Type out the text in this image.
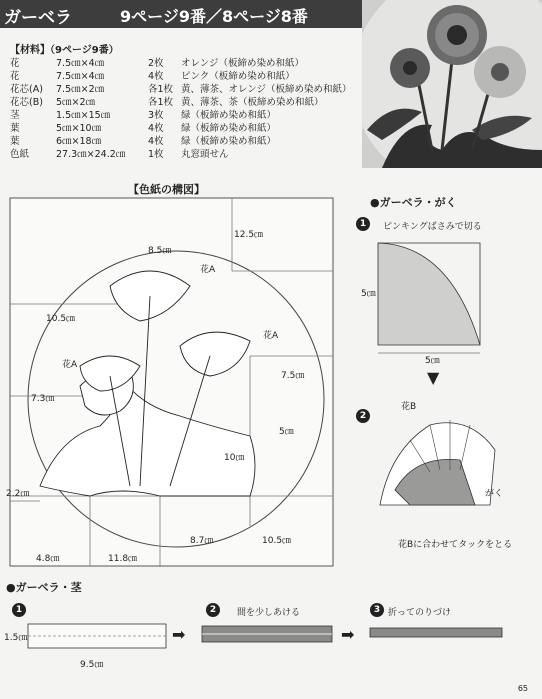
ガーベラ	9ページ9番／8ページ8番
【材料】（9ページ9番）
花	7.5㎝×4㎝	2枚 オレンジ（板締め染め和紙）
花	7.5㎝×4㎝	4枚 ピンク（板締め染め和紙）
花芯(A) 7.5㎝×2㎝	各1枚 黄、薄茶、オレンジ（板締め染め和紙）
花芯(B) 5㎝×2㎝	各1枚 黄、薄茶、茶（板締め染め和紙）
茎	1.5㎝×15㎝	3枚 緑（板締め染め和紙）
葉	5㎝×10㎝	4枚 緑（板締め染め和紙）
葉	6㎝×18㎝	4枚 緑（板締め染め和紙）
色紙	27.3㎝×24.2㎝ 1枚 丸窓頭せん
【色紙の構図】
12.5㎝
8.5㎝
花A
10.5㎝
花A
花A
7.5㎝
7.3㎝
5㎝
10㎝
2.2㎝
8.7㎝	10.5㎝
4.8㎝	11.8㎝
●ガーベラ・がく
1	ピンキングばさみで切る
5㎝
5㎝
▼
2
花B
がく
花Bに合わせてタックをとる
●ガーベラ・茎
1
1.5㎝
9.5㎝
➡
2	間を少しあける
➡
3 折ってのりづけ
65
